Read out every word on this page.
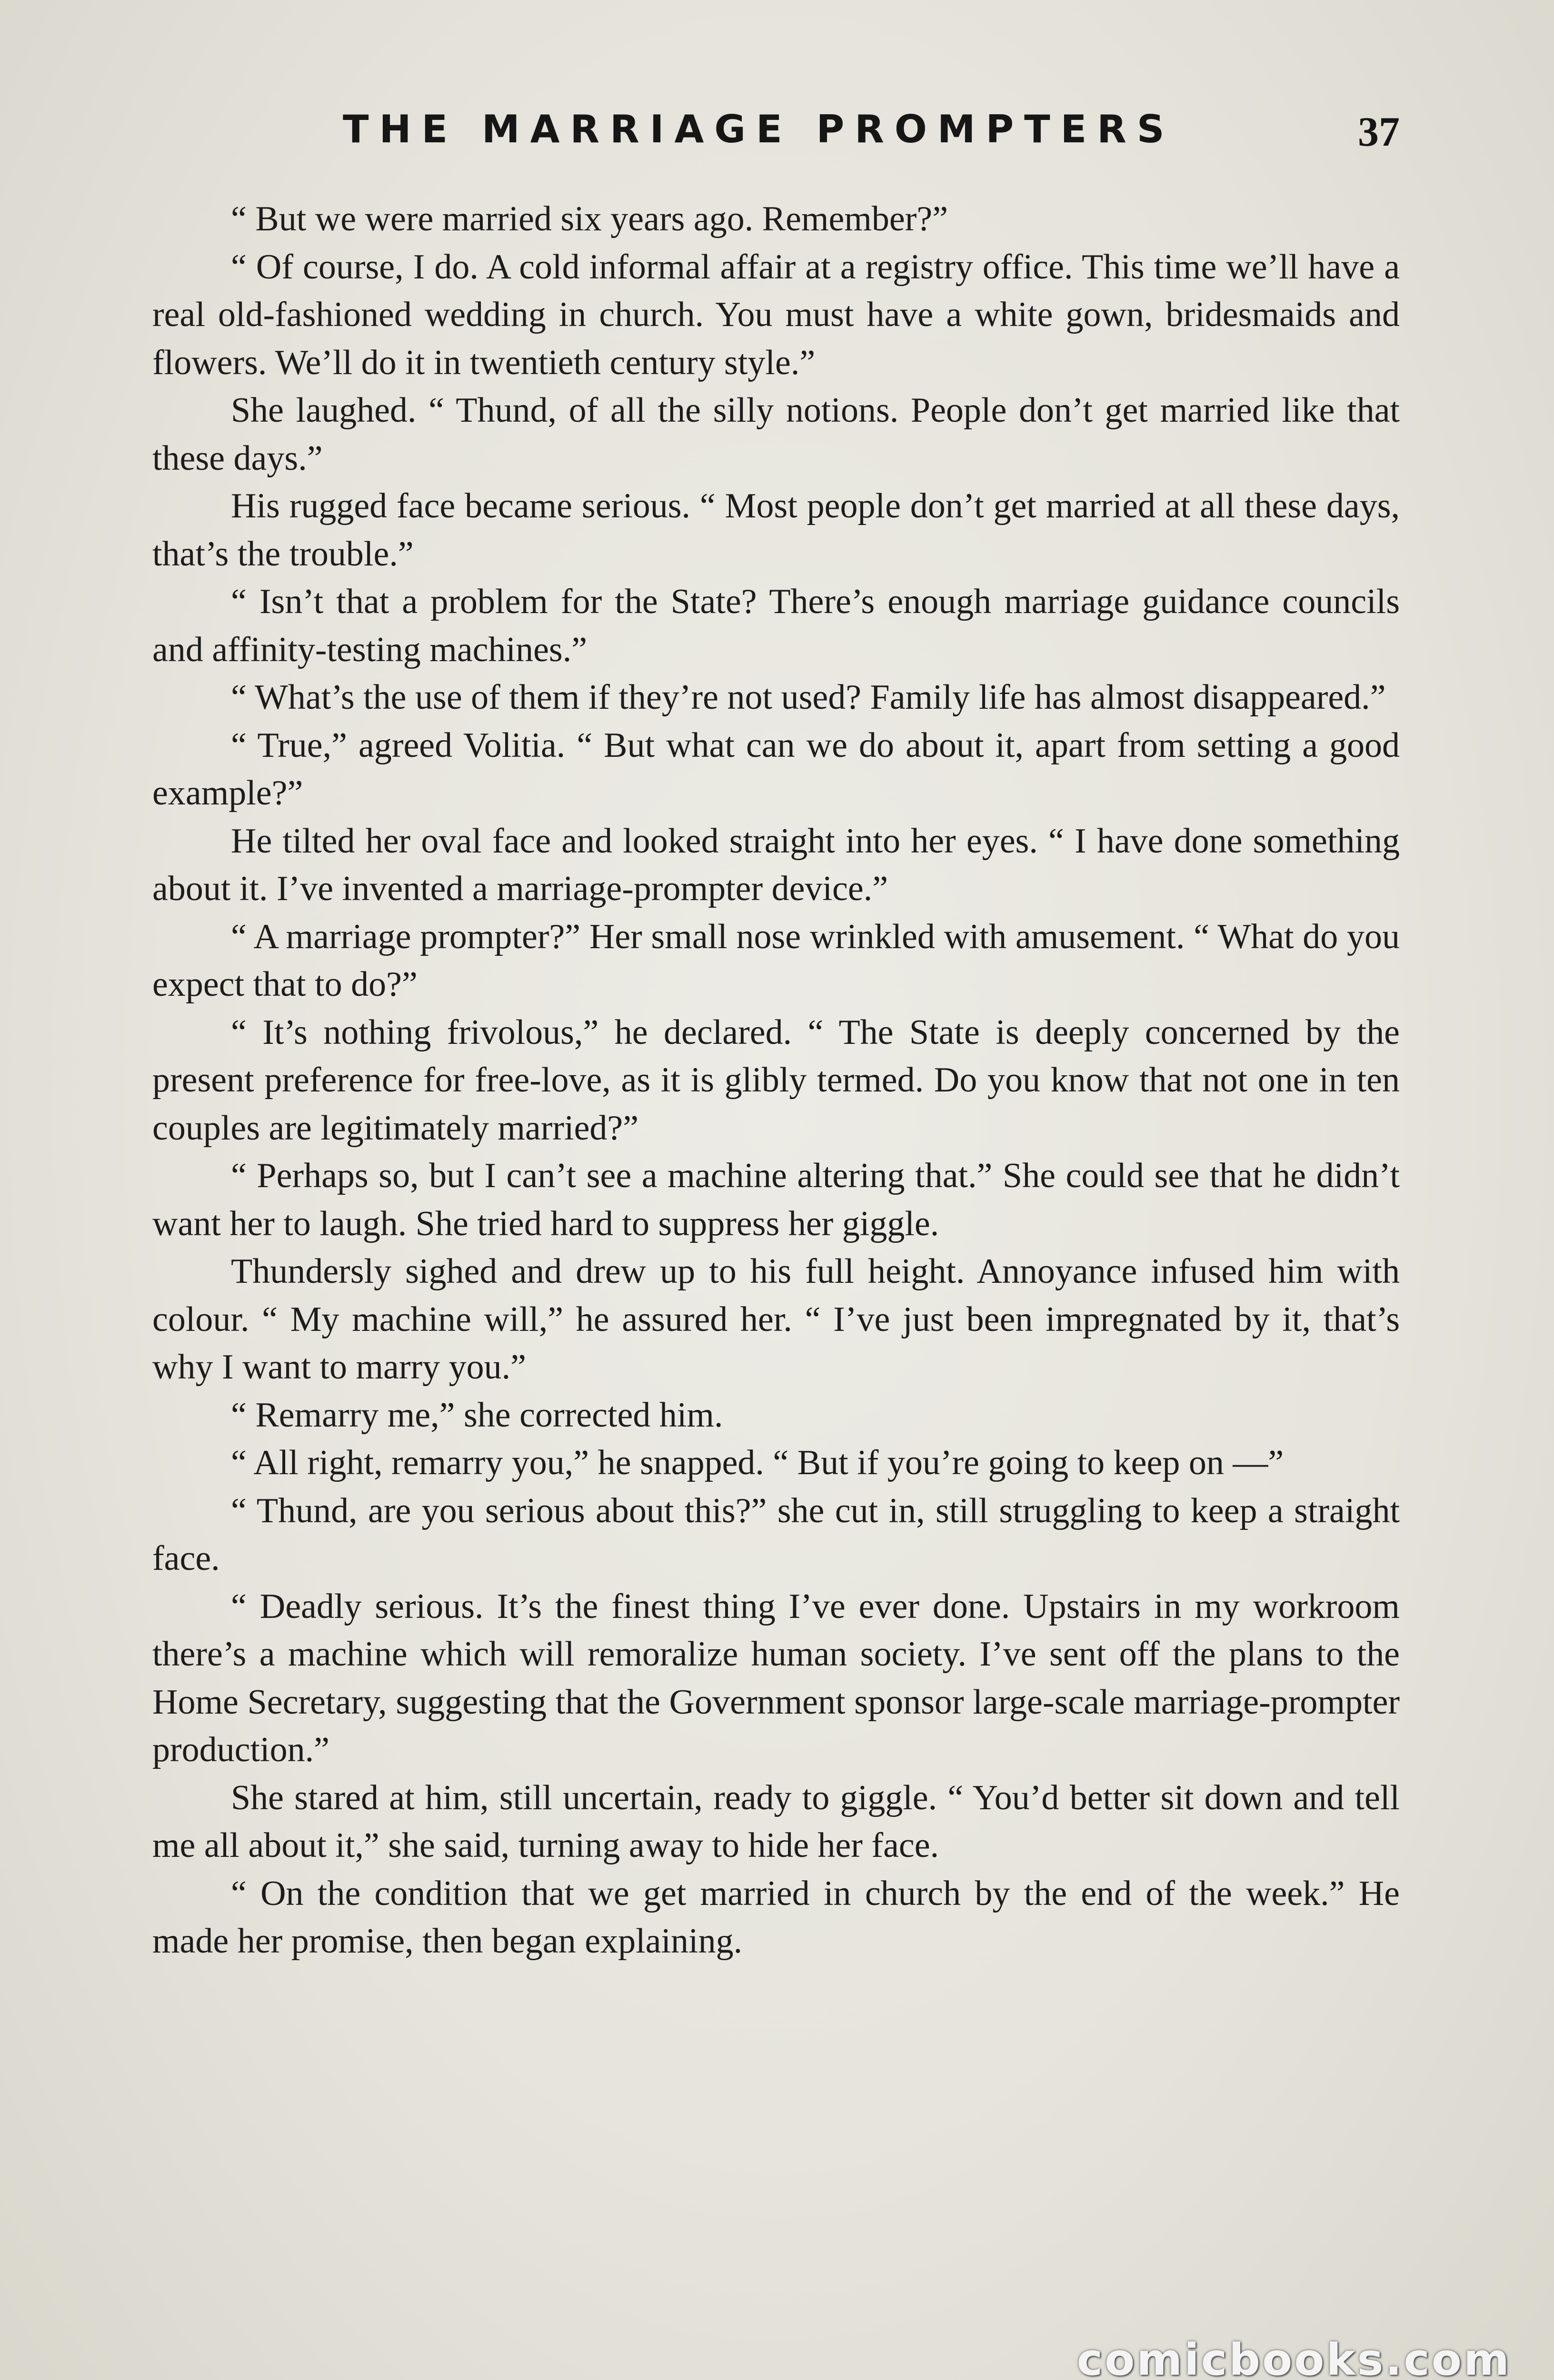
THE MARRIAGE PROMPTERS	37

“ But we were married six years ago. Remember?”

“ Of course, I do. A cold informal affair at a registry office. This time we’ll have a real old-fashioned wedding in church. You must have a white gown, bridesmaids and flowers. We’ll do it in twentieth century style.”

She laughed. “ Thund, of all the silly notions. People don’t get married like that these days.”

His rugged face became serious. “ Most people don’t get married at all these days, that’s the trouble.”

“ Isn’t that a problem for the State? There’s enough marriage guidance councils and affinity-testing machines.”

“ What’s the use of them if they’re not used? Family life has almost disappeared.”

“ True,” agreed Volitia. “ But what can we do about it, apart from setting a good example?”

He tilted her oval face and looked straight into her eyes. “ I have done something about it. I’ve invented a marriage-prompter device.”

“ A marriage prompter?” Her small nose wrinkled with amusement. “ What do you expect that to do?”

“ It’s nothing frivolous,” he declared. “ The State is deeply concerned by the present preference for free-love, as it is glibly termed. Do you know that not one in ten couples are legitimately married?”

“ Perhaps so, but I can’t see a machine altering that.” She could see that he didn’t want her to laugh. She tried hard to suppress her giggle.

Thundersly sighed and drew up to his full height. Annoyance infused him with colour. “ My machine will,” he assured her. “ I’ve just been impregnated by it, that’s why I want to marry you.”

“ Remarry me,” she corrected him.

“ All right, remarry you,” he snapped. “ But if you’re going to keep on —”

“ Thund, are you serious about this?” she cut in, still struggling to keep a straight face.

“ Deadly serious. It’s the finest thing I’ve ever done. Upstairs in my workroom there’s a machine which will remoralize human society. I’ve sent off the plans to the Home Secretary, suggesting that the Government sponsor large-scale marriage-prompter production.”

She stared at him, still uncertain, ready to giggle. “ You’d better sit down and tell me all about it,” she said, turning away to hide her face.

“ On the condition that we get married in church by the end of the week.” He made her promise, then began explaining.

comicbooks.com
